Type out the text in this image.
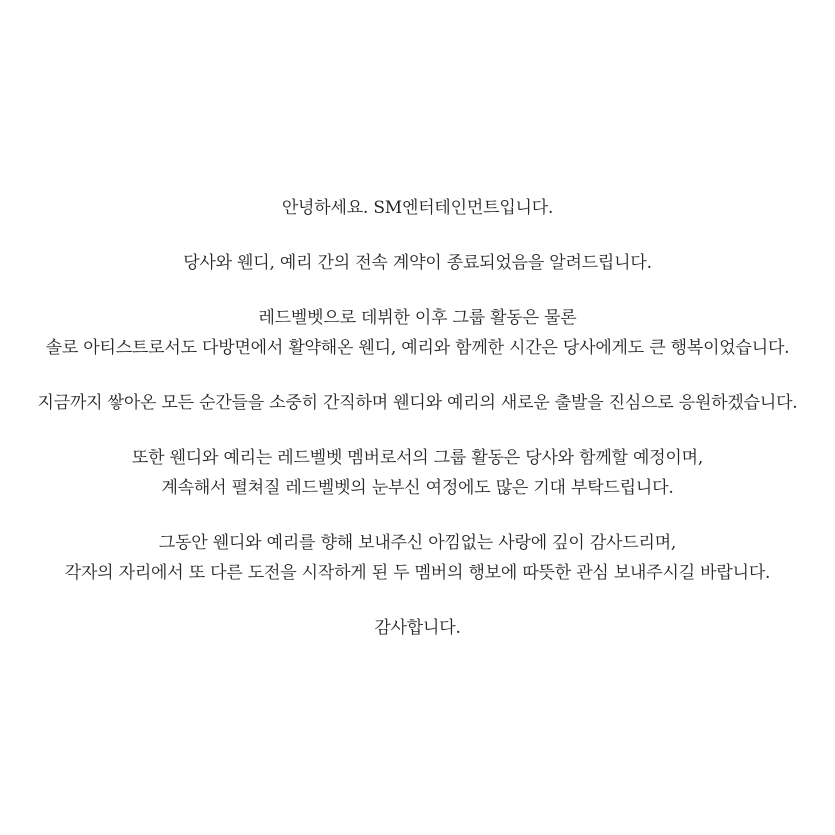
안녕하세요. SM엔터테인먼트입니다.

당사와 웬디, 예리 간의 전속 계약이 종료되었음을 알려드립니다.

레드벨벳으로 데뷔한 이후 그룹 활동은 물론
솔로 아티스트로서도 다방면에서 활약해온 웬디, 예리와 함께한 시간은 당사에게도 큰 행복이었습니다.

지금까지 쌓아온 모든 순간들을 소중히 간직하며 웬디와 예리의 새로운 출발을 진심으로 응원하겠습니다.

또한 웬디와 예리는 레드벨벳 멤버로서의 그룹 활동은 당사와 함께할 예정이며,
계속해서 펼쳐질 레드벨벳의 눈부신 여정에도 많은 기대 부탁드립니다.

그동안 웬디와 예리를 향해 보내주신 아낌없는 사랑에 깊이 감사드리며,
각자의 자리에서 또 다른 도전을 시작하게 된 두 멤버의 행보에 따뜻한 관심 보내주시길 바랍니다.

감사합니다.
